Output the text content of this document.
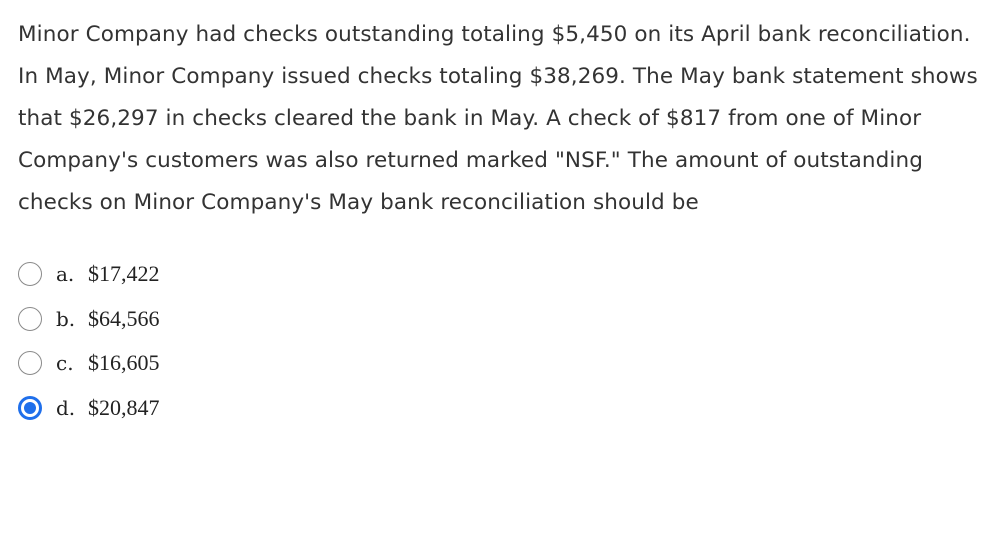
Minor Company had checks outstanding totaling $5,450 on its April bank reconciliation. In May, Minor Company issued checks totaling $38,269. The May bank statement shows that $26,297 in checks cleared the bank in May. A check of $817 from one of Minor Company's customers was also returned marked "NSF." The amount of outstanding checks on Minor Company's May bank reconciliation should be

a. $17,422
b. $64,566
c. $16,605
d. $20,847
